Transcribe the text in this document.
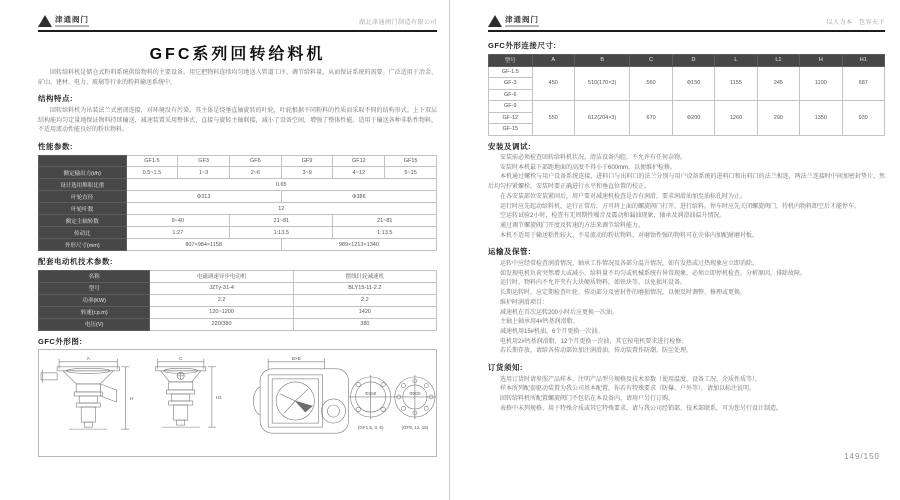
津通阀门	湖北津通阀门制造有限公司
GFC系列回转给料机

回转给料机是储仓式粉料系统供给物料的主要设备。用它把物料连续均匀地送入管道工序、调节给料量，从而保证系统的需要。广泛适用于冶金、矿山、建材、电力、玻璃等行业的粉料输送系统中。

结构特点:

回转给料机为吊装法兰式密闭连接，对环境没有污染。其主体是绕垂直轴旋转的叶轮，叶轮根据不同粉料的性质而采取不同的结构形式。上下双层结构能均匀定量地保证物料持续输送，减速装置采用整体式，直接与旋转主轴联接，减小了设备空间，增强了整体性能。适用于输送各种非粘性物料，不适用流动性能良好的粉状物料。

性能参数:
	GF1.5	GF3	GF6	GF9	GF12	GF15
额定输出力(t/h)	0.5~1.5	1~3	2~6	3~9	4~12	5~15
设计选用堆积比重	0.65					
叶轮直径	Φ313			Φ386		
叶轮叶数	12					
额定主轴转数	9~40		21~81		21~81	
传动比	1:27		1:13.5		1:13.5	
外形尺寸(mm)	807×984×1158			989×1213×1340		
配套电动机技术参数:
名称	电磁调速异步电动机	摆线针轮减速机
型号	JZTy-31-4	BLY15-11-2.2
功率(KW)	2.2	2.2
转速(r.p.m)	120~1200	1420
电压(V)	220/380	380
GFC外形图:
A	C	B×B
H	H1
Φ150	Φ200
(GF1.5, 3, 6)	(GF9, 12, 15)
津通阀门	以人为本　包容天下
GFC外形连接尺寸:
型号	A	B	C	D	L	L1	H	H1
GF-1.5	450	510(170×3)	560	Φ150	1155	245	1100	687
GF-3								
GF-6								
GF-9	550	612(204×3)	670	Φ200	1260	290	1350	939
GF-12								
GF-15								
安装及调试:

安装前必须检查回转给料机状况，清洁设备内腔，不允许有任何杂物。

安装时本机最下部距地面的高度不得小于600mm，以便维护检修。

本机通过螺栓与用户设备系统连接，进料口与出料口的法兰分别与用户设备系统的进料口和出料口的法兰相连，两法兰连接时中间加密封垫片，然后均匀拧紧螺栓，安装时要正确进行水平和垂直位置的校正。

在各安装部位安装紧固后，用户要对减速机检查是否有润滑，要求润滑油加至油标孔时为止。

运行时应先起动给料机，运行正常后，方可将上面的螺旋阀门打开，进行给料。停车时应先关闭螺旋阀门，待机内物料卸空后才能停车。

空运转试验2小时，检查有无周期性噪音及震动和漏油现象，轴承及润滑油温升情况。

通过调节螺旋阀门开度及转速的方法来调节给料能力。

本机不适用于输送粘性较大、不易流动的粉状物料，对磨蚀性强的物料可在壳体内加配耐磨衬板。

运输及保管:

运转中应经常检查润滑情况、轴承工作情况及各部分温升情况，如有发热或过热现象应立即消除。

如发现电机负荷突然增大或减小、给料量不均匀或机械系统有异常现象，必须立即停机检查，分析原因，排除故障。

运行时，物料内不允许夹有大块硬质物料，如铁块等，以免损坏设备。

长期运转时，应定期检查叶轮、传动部分及密封件的磨损情况，以便及时调整、修理或更换。

维护时润滑项目：

减速机在首次运转200小时后应更换一次油。

主轴上轴承用4#钙基润滑脂。

减速机用15#机油，6个月更换一次油。

电机用2#钙基润滑脂，12个月更换一次油，其它按电机要求进行检修。

若长期存放，请给各传动部位加注润滑油，传动装置作防潮、防尘处理。

订货须知:

选用订货时请参照产品样本，注明产品型号规格及技术参数（使用温度、设备工况、介质性质等）。

样本所列配套驱动装置为我公司基本配置，你若有特殊要求（防爆、户外等），请加以标注说明。

回转给料机所配置螺旋阀门不包括在本设备内，请用户另行订购。

表格中未列规格、用于特殊介质或其它特殊要求，请与我公司经销部、技术部联系，可为您另行设计制造。

149/150
